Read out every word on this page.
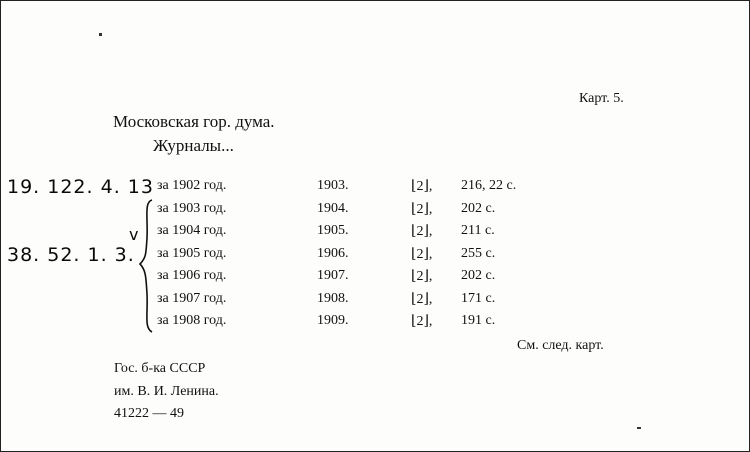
Карт. 5.
Московская гор. дума.
Журналы...
19. 122. 4. 13
38. 52. 1. 3.
v
за 1902 год.	1903.	⌊2⌋, 216, 22 с.
за 1903 год.	1904.	⌊2⌋, 202 с.
за 1904 год.	1905.	⌊2⌋, 211 с.
за 1905 год.	1906.	⌊2⌋, 255 с.
за 1906 год.	1907.	⌊2⌋, 202 с.
за 1907 год.	1908.	⌊2⌋, 171 с.
за 1908 год.	1909.	⌊2⌋, 191 с.
См. след. карт.
Гос. б-ка СССР
им. В. И. Ленина.
41222 — 49
